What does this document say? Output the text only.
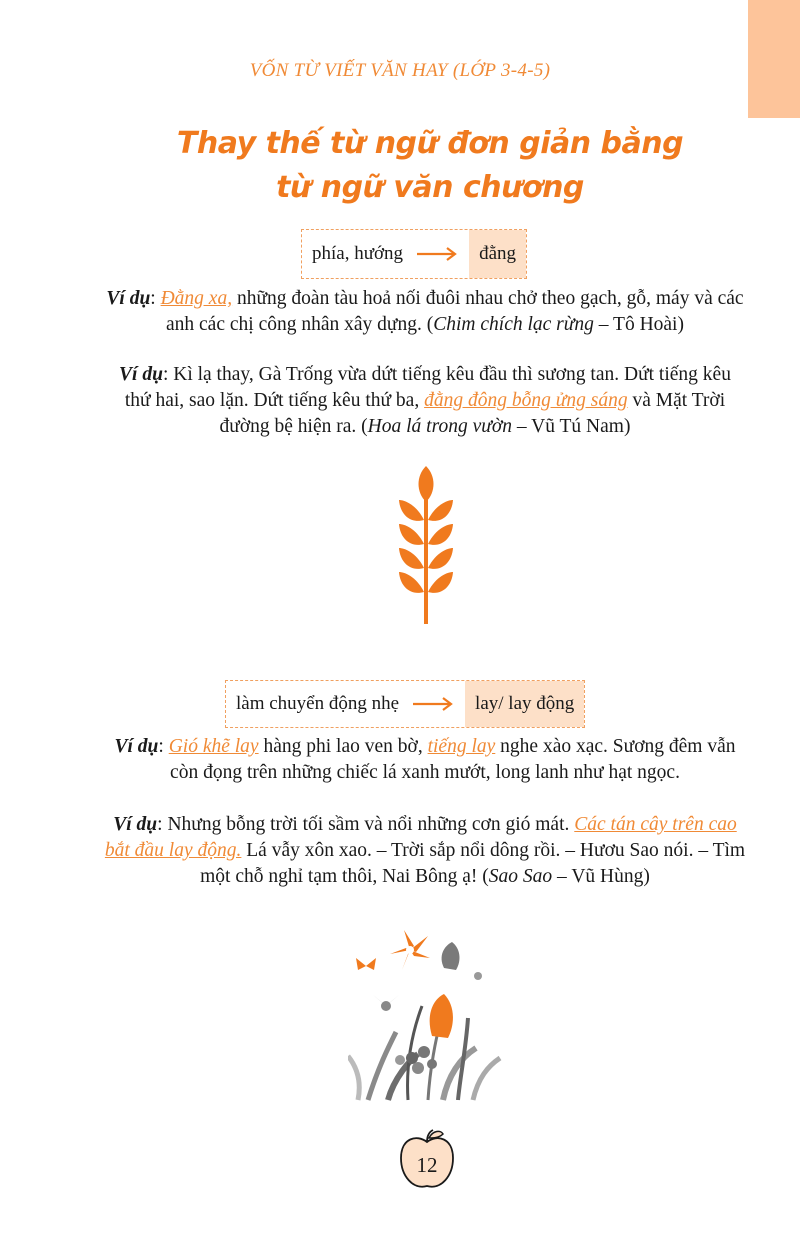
VỐN TỪ VIẾT VĂN HAY (LỚP 3-4-5)
Thay thế từ ngữ đơn giản bằng
từ ngữ văn chương
phía, hướng	đằng
Ví dụ: Đằng xa, những đoàn tàu hoả nối đuôi nhau chở theo gạch, gỗ, máy và các anh các chị công nhân xây dựng. (Chim chích lạc rừng – Tô Hoài)
Ví dụ: Kì lạ thay, Gà Trống vừa dứt tiếng kêu đầu thì sương tan. Dứt tiếng kêu thứ hai, sao lặn. Dứt tiếng kêu thứ ba, đằng đông bỗng ửng sáng và Mặt Trời đường bệ hiện ra. (Hoa lá trong vườn – Vũ Tú Nam)
làm chuyển động nhẹ	lay/ lay động
Ví dụ: Gió khẽ lay hàng phi lao ven bờ, tiếng lay nghe xào xạc. Sương đêm vẫn còn đọng trên những chiếc lá xanh mướt, long lanh như hạt ngọc.
Ví dụ: Nhưng bỗng trời tối sầm và nổi những cơn gió mát. Các tán cây trên cao bắt đầu lay động. Lá vẫy xôn xao. – Trời sắp nổi dông rồi. – Hươu Sao nói. – Tìm một chỗ nghỉ tạm thôi, Nai Bông ạ! (Sao Sao – Vũ Hùng)
12
